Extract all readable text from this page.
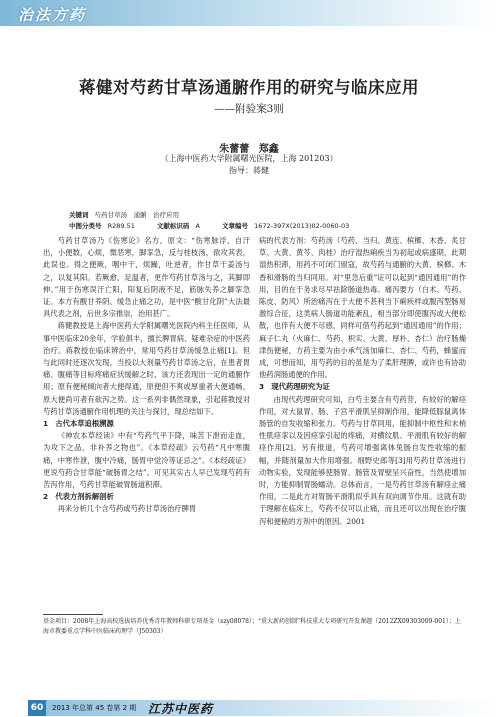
治法方药
蒋健对芍药甘草汤通腑作用的研究与临床应用
——附验案3则
朱蕾蕾 郑鑫
（上海中医药大学附属曙光医院，上海 201203）
指导：蒋健
关键词 芍药甘草汤　通腑　治疗应用
中图分类号 R289.51	文献标识码 A	文章编号 1672-397X(2013)02-0060-03

芍药甘草汤乃《伤寒论》名方，原文：“伤寒脉浮，自汗出，小便数，心烦，微恶寒，脚挛急，反与桂枝汤，欲攻其表，此误也。得之便厥，咽中干，烦躁，吐逆者，作甘草干姜汤与之，以复其阳。若厥愈，足温者，更作芍药甘草汤与之，其脚即伸。”用于伤寒误汗亡阳，阳复后阴液不足，筋脉失养之脚挛急证。本方有酸甘养阴、缓急止痛之功，是中医“酸甘化阴”大法最具代表之剂，后世多宗推崇，治用甚广。

蒋健教授是上海中医药大学附属曙光医院内科主任医师，从事中医临床20余年，学验俱丰，擅长脾胃病、疑难杂症的中医药治疗。蒋教授在临床辨治中，常用芍药甘草汤缓急止痛[1]。但与此同时还逐次发现，当投以大剂量芍药甘草汤之后，在患者胃痛、腹痛等目标疼痛症状缓解之时，该方还表现出一定的通腑作用；原有便秘倾向者大便得通，原便但不爽或厚重者大便通畅，原大便尚可者有欲泻之势。这一系列非偶然现象，引起蒋教授对芍药甘草汤通腑作用机理的关注与探讨，现总结如下。

1　古代本草追根溯源

《神农本草经读》中有“芍药气平下降，味苦下泄而走血，为攻下之品，非补养之物也”。《本草经疏》云芍药“凡中寒腹痛，中寒作泄，腹中冷痛，肠胃中觉冷等证忌之”。《本经疏证》更说芍药合甘草能“破肠胃之结”。可见其实古人早已发现芍药有苦泻作用，芍药甘草能破胃肠道积滞。

2　代表方剂拆解剖析

再来分析几个含芍药或芍药甘草汤治疗脾胃

病的代表方剂：芍药汤（芍药、当归、黄连、槟榔、木香、炙甘草、大黄、黄芩、肉桂）治疗湿热痢疾当为初起或病盛期，此期湿热积滞，用药不可闭门留寇，故芍药与通腑的大黄、槟榔、木香和滑肠的当归同用。对“里急后重”证可以起到“通因通用”的作用，目的在于务求尽早祛除肠道热毒。痛泻要方（白术、芍药、陈皮、防风）所治痛泻在于大便不甚利当下痢疾样或腹泻型肠易激综合征，这类病人肠道功能紊乱，相当部分即使腹泻或大便松散，也伴有大便不尽感，同样可借芍药起到“通因通用”的作用；麻子仁丸（火麻仁、芍药、枳实、大黄、厚朴、杏仁）治疗肠燥津伤便秘，方药主要为由小承气汤加麻仁、杏仁、芍药，蜂蜜而成，可想而知，用芍药的目的虽是为了柔肝理脾，或许也有协助他药润肠通便的作用。

3　现代药理研究为证

由现代药理研究可知，白芍主要含有芍药苷，有较好的解痉作用，对大鼠胃、肠、子宫平滑肌呈抑制作用，能降低豚鼠离体肠管的自发收缩和张力。芍药与甘草同用，能抑制中枢性和末梢性肌痉挛以及因痉挛引起的疼痛，对横纹肌、平滑肌有较好的解痉作用[2]。另有报道，芍药可增强离体兔肠自发性收缩的振幅，并随剂量加大作用增强。细野史郎等[3]用芍药甘草汤进行动物实验，发现能够使肠胃、肠管及胃壁呈兴奋性，当然使增加时，方能抑制胃肠蠕动。总体而言，一是芍药甘草汤有解痉止痛作用，二是此方对胃肠平滑肌似乎具有双向调节作用。这就有助于理解在临床上，芍药不仅可以止痛，而且还可以出现在治疗腹泻和便秘的方剂中的原因。2001

基金项目：2008年上海高校选拔培养优秀青年教师科研专项基金（szy08078）；“重大新药创制”科技重大专项研究开发课题（2012ZX09303009-001）；上海市教委重点学科中医临床药理学（J50303）
60	2013 年总第 45 卷第 2 期 江苏中医药
